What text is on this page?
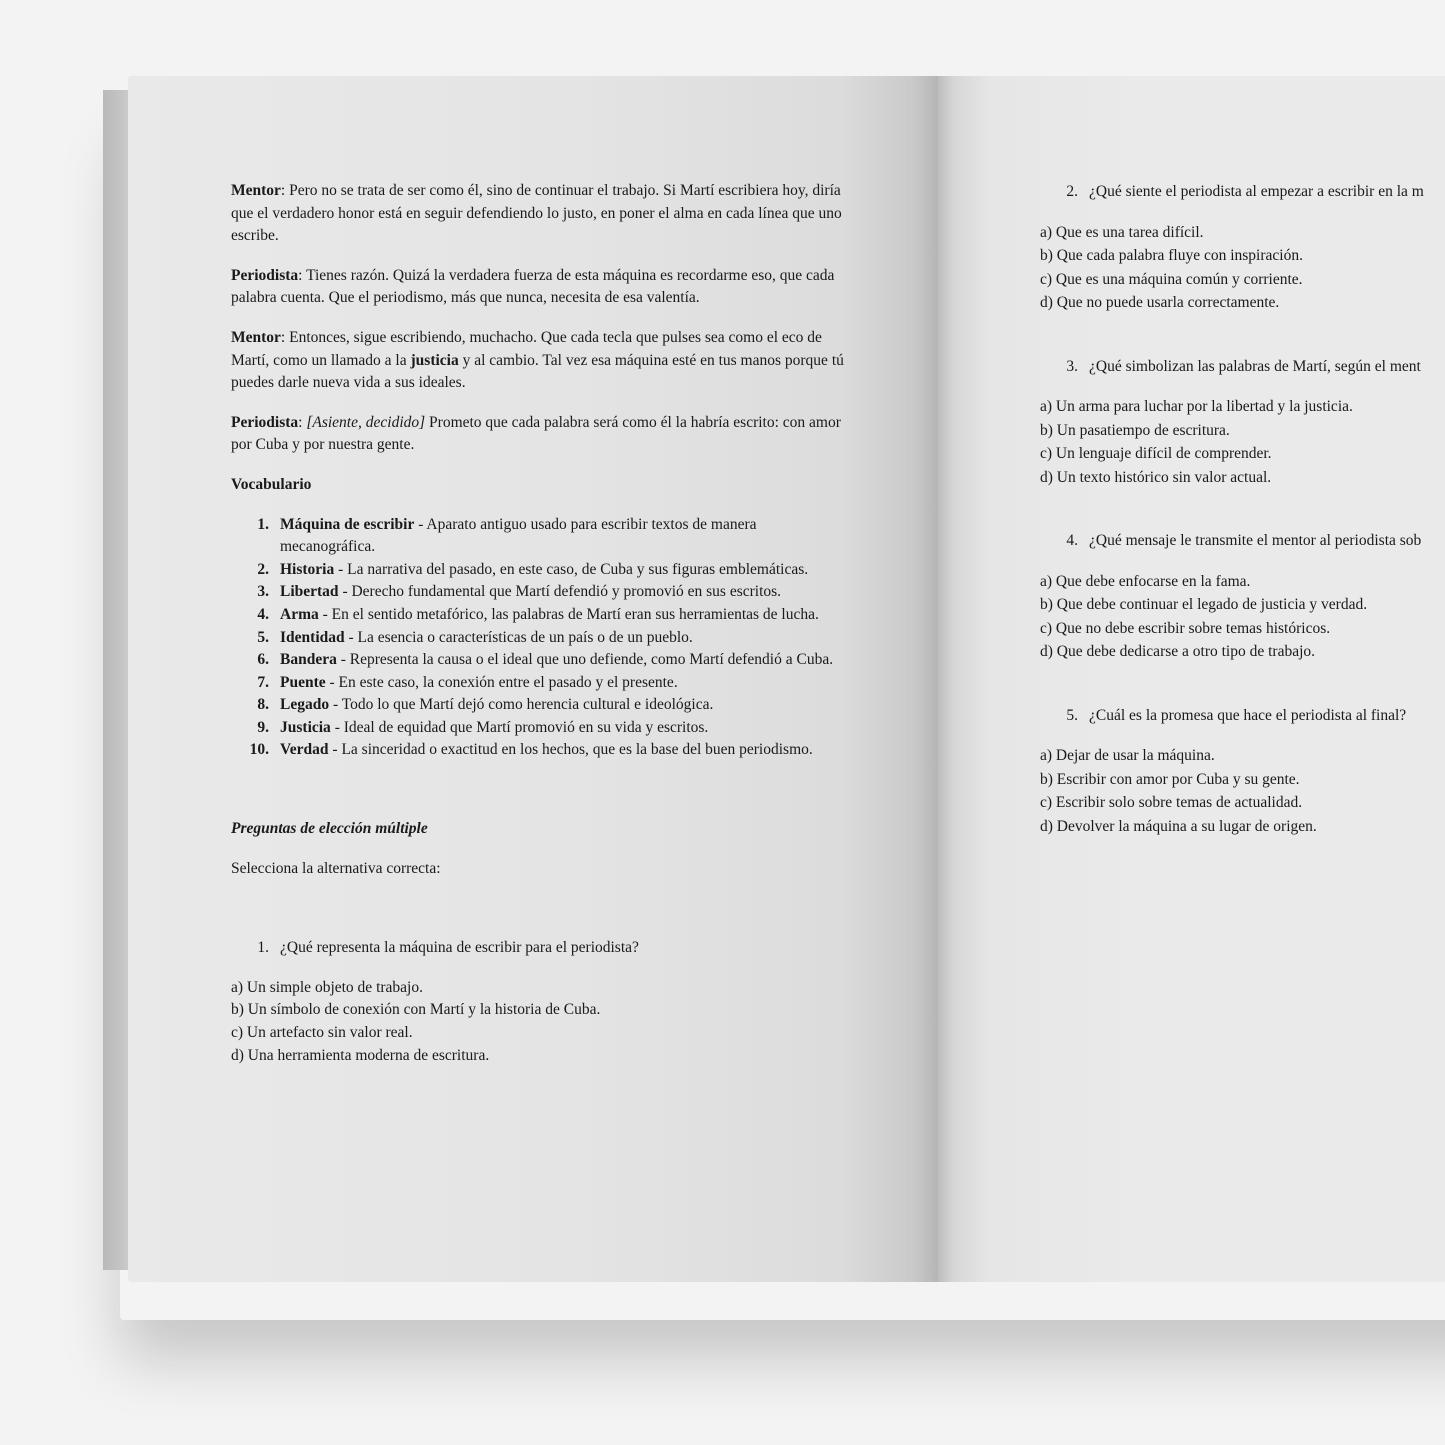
Mentor: Pero no se trata de ser como él, sino de continuar el trabajo. Si Martí escribiera hoy, diría que el verdadero honor está en seguir defendiendo lo justo, en poner el alma en cada línea que uno escribe.

Periodista: Tienes razón. Quizá la verdadera fuerza de esta máquina es recordarme eso, que cada palabra cuenta. Que el periodismo, más que nunca, necesita de esa valentía.

Mentor: Entonces, sigue escribiendo, muchacho. Que cada tecla que pulses sea como el eco de Martí, como un llamado a la justicia y al cambio. Tal vez esa máquina esté en tus manos porque tú puedes darle nueva vida a sus ideales.

Periodista: [Asiente, decidido] Prometo que cada palabra será como él la habría escrito: con amor por Cuba y por nuestra gente.

Vocabulario

1. Máquina de escribir - Aparato antiguo usado para escribir textos de manera mecanográfica.
2. Historia - La narrativa del pasado, en este caso, de Cuba y sus figuras emblemáticas.
3. Libertad - Derecho fundamental que Martí defendió y promovió en sus escritos.
4. Arma - En el sentido metafórico, las palabras de Martí eran sus herramientas de lucha.
5. Identidad - La esencia o características de un país o de un pueblo.
6. Bandera - Representa la causa o el ideal que uno defiende, como Martí defendió a Cuba.
7. Puente - En este caso, la conexión entre el pasado y el presente.
8. Legado - Todo lo que Martí dejó como herencia cultural e ideológica.
9. Justicia - Ideal de equidad que Martí promovió en su vida y escritos.
10. Verdad - La sinceridad o exactitud en los hechos, que es la base del buen periodismo.

Preguntas de elección múltiple

Selecciona la alternativa correcta:

1. ¿Qué representa la máquina de escribir para el periodista?
a) Un simple objeto de trabajo.
b) Un símbolo de conexión con Martí y la historia de Cuba.
c) Un artefacto sin valor real.
d) Una herramienta moderna de escritura.
2. ¿Qué siente el periodista al empezar a escribir en la m
a) Que es una tarea difícil.
b) Que cada palabra fluye con inspiración.
c) Que es una máquina común y corriente.
d) Que no puede usarla correctamente.
3. ¿Qué simbolizan las palabras de Martí, según el ment
a) Un arma para luchar por la libertad y la justicia.
b) Un pasatiempo de escritura.
c) Un lenguaje difícil de comprender.
d) Un texto histórico sin valor actual.
4. ¿Qué mensaje le transmite el mentor al periodista sob
a) Que debe enfocarse en la fama.
b) Que debe continuar el legado de justicia y verdad.
c) Que no debe escribir sobre temas históricos.
d) Que debe dedicarse a otro tipo de trabajo.
5. ¿Cuál es la promesa que hace el periodista al final?
a) Dejar de usar la máquina.
b) Escribir con amor por Cuba y su gente.
c) Escribir solo sobre temas de actualidad.
d) Devolver la máquina a su lugar de origen.
